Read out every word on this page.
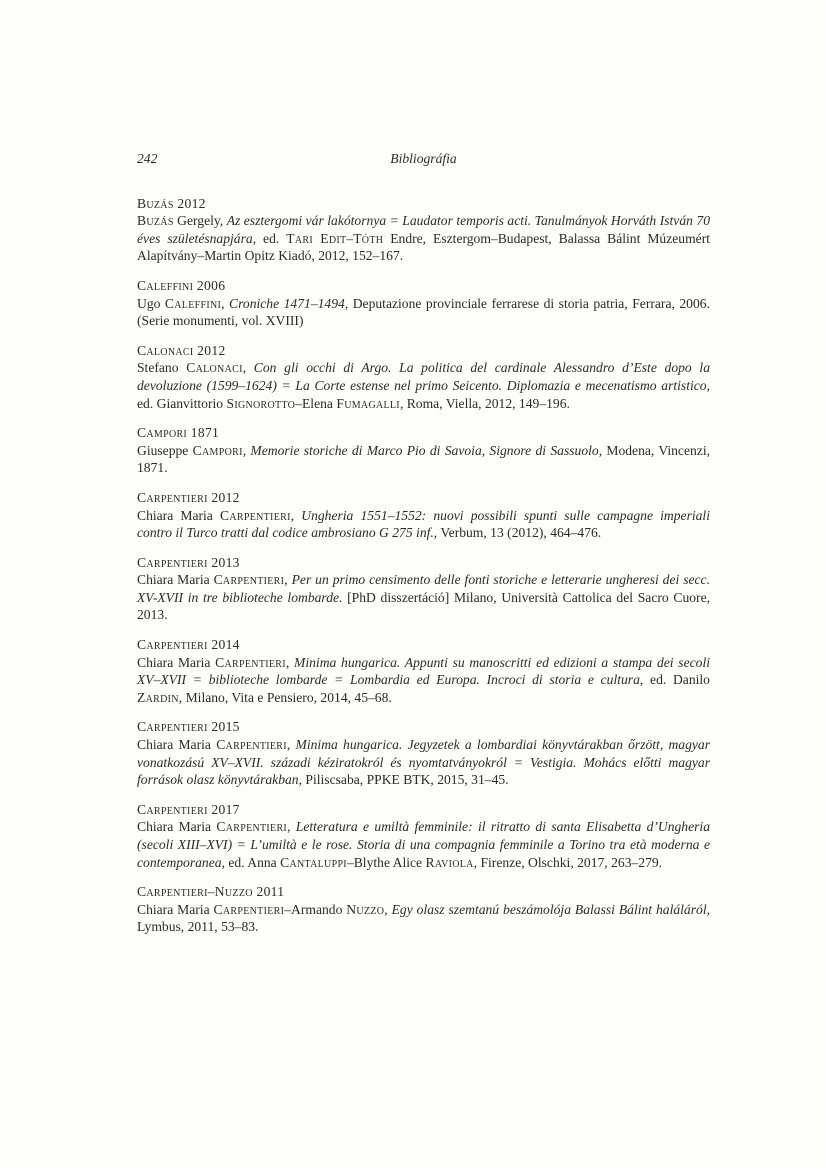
242	Bibliográfia
Buzás 2012

Buzás Gergely, Az esztergomi vár lakótornya = Laudator temporis acti. Tanulmányok Horváth István 70 éves születésnapjára, ed. Tari Edit–Tóth Endre, Esztergom–Budapest, Balassa Bálint Múzeumért Alapítvány–Martin Opitz Kiadó, 2012, 152–167.

Caleffini 2006

Ugo Caleffini, Croniche 1471–1494, Deputazione provinciale ferrarese di storia patria, Ferrara, 2006. (Serie monumenti, vol. XVIII)

Calonaci 2012

Stefano Calonaci, Con gli occhi di Argo. La politica del cardinale Alessandro d’Este dopo la devoluzione (1599–1624) = La Corte estense nel primo Seicento. Diplomazia e mecenatismo artistico, ed. Gianvittorio Signorotto–Elena Fumagalli, Roma, Viella, 2012, 149–196.

Campori 1871

Giuseppe Campori, Memorie storiche di Marco Pio di Savoia, Signore di Sassuolo, Modena, Vincenzi, 1871.

Carpentieri 2012

Chiara Maria Carpentieri, Ungheria 1551–1552: nuovi possibili spunti sulle campagne imperiali contro il Turco tratti dal codice ambrosiano G 275 inf., Verbum, 13 (2012), 464–476.

Carpentieri 2013

Chiara Maria Carpentieri, Per un primo censimento delle fonti storiche e letterarie ungheresi dei secc. XV-XVII in tre biblioteche lombarde. [PhD disszertáció] Milano, Università Cattolica del Sacro Cuore, 2013.

Carpentieri 2014

Chiara Maria Carpentieri, Minima hungarica. Appunti su manoscritti ed edizioni a stampa dei secoli XV–XVII = biblioteche lombarde = Lombardia ed Europa. Incroci di storia e cultura, ed. Danilo Zardin, Milano, Vita e Pensiero, 2014, 45–68.

Carpentieri 2015

Chiara Maria Carpentieri, Minima hungarica. Jegyzetek a lombardiai könyvtárakban őrzött, magyar vonatkozású XV–XVII. századi kéziratokról és nyomtatványokról = Vestigia. Mohács előtti magyar források olasz könyvtárakban, Piliscsaba, PPKE BTK, 2015, 31–45.

Carpentieri 2017

Chiara Maria Carpentieri, Letteratura e umiltà femminile: il ritratto di santa Elisabetta d’Ungheria (secoli XIII–XVI) = L’umiltà e le rose. Storia di una compagnia femminile a Torino tra età moderna e contemporanea, ed. Anna Cantaluppi–Blythe Alice Raviola, Firenze, Olschki, 2017, 263–279.

Carpentieri–Nuzzo 2011

Chiara Maria Carpentieri–Armando Nuzzo, Egy olasz szemtanú beszámolója Balassi Bálint haláláról, Lymbus, 2011, 53–83.
